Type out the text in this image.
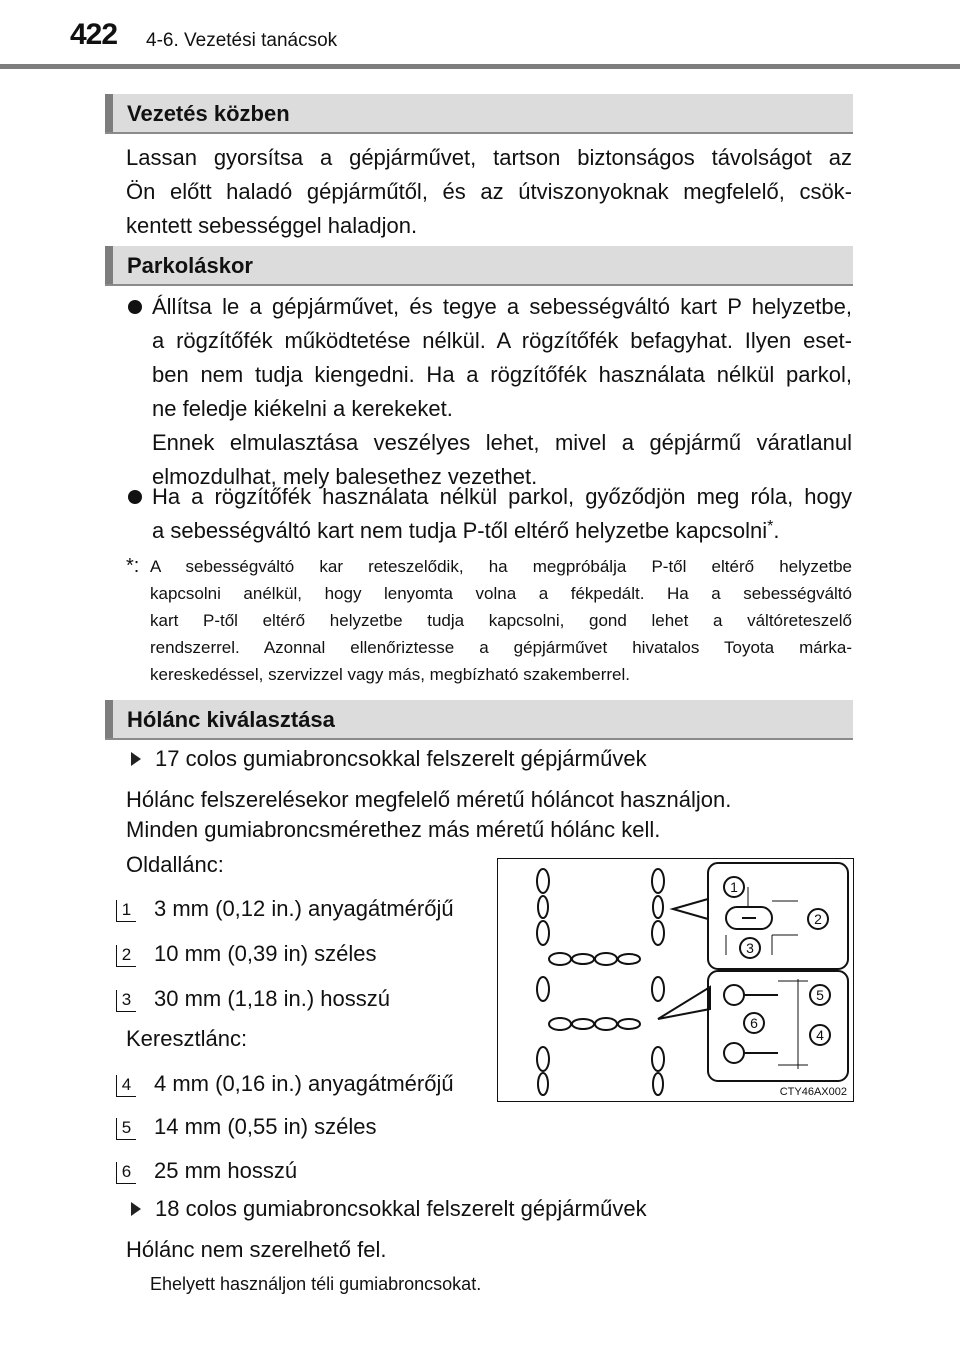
422 4-6. Vezetési tanácsok
Vezetés közben
Lassan gyorsítsa a gépjárművet, tartson biztonságos távolságot az
Ön előtt haladó gépjárműtől, és az útviszonyoknak megfelelő, csök-
kentett sebességgel haladjon.
Parkoláskor
Állítsa le a gépjárművet, és tegye a sebességváltó kart P helyzetbe,
a rögzítőfék működtetése nélkül. A rögzítőfék befagyhat. Ilyen eset-
ben nem tudja kiengedni. Ha a rögzítőfék használata nélkül parkol,
ne feledje kiékelni a kerekeket.
Ennek elmulasztása veszélyes lehet, mivel a gépjármű váratlanul
elmozdulhat, mely balesethez vezethet.
Ha a rögzítőfék használata nélkül parkol, győződjön meg róla, hogy
a sebességváltó kart nem tudja P-től eltérő helyzetbe kapcsolni*.
*: A sebességváltó kar reteszelődik, ha megpróbálja P-től eltérő helyzetbe
kapcsolni anélkül, hogy lenyomta volna a fékpedált. Ha a sebességváltó
kart P-től eltérő helyzetbe tudja kapcsolni, gond lehet a váltóreteszelő
rendszerrel. Azonnal ellenőriztesse a gépjárművet hivatalos Toyota márka-
kereskedéssel, szervizzel vagy más, megbízható szakemberrel.
Hólánc kiválasztása
17 colos gumiabroncsokkal felszerelt gépjárművek
Hólánc felszerelésekor megfelelő méretű hóláncot használjon.
Minden gumiabroncsmérethez más méretű hólánc kell.
Oldallánc:
1 3 mm (0,12 in.) anyagátmérőjű
2 10 mm (0,39 in) széles
3 30 mm (1,18 in.) hosszú
Keresztlánc:
4 4 mm (0,16 in.) anyagátmérőjű
5 14 mm (0,55 in) széles
6 25 mm hosszú
18 colos gumiabroncsokkal felszerelt gépjárművek
Hólánc nem szerelhető fel.
Ehelyett használjon téli gumiabroncsokat.
1
2
3
5
6
4
CTY46AX002
